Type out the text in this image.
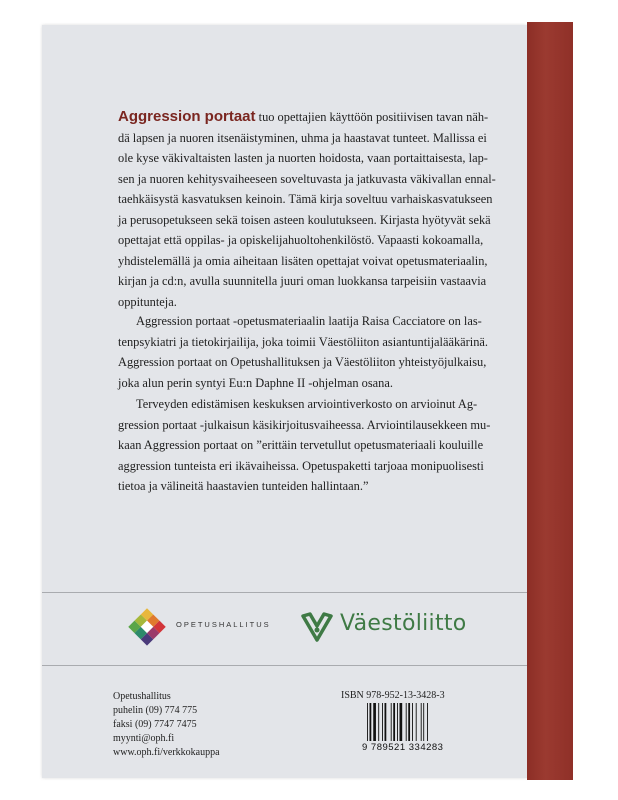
Aggression portaat tuo opettajien käyttöön positiivisen tavan näh-
dä lapsen ja nuoren itsenäistyminen, uhma ja haastavat tunteet. Mallissa ei
ole kyse väkivaltaisten lasten ja nuorten hoidosta, vaan portaittaisesta, lap-
sen ja nuoren kehitysvaiheeseen soveltuvasta ja jatkuvasta väkivallan ennal-
taehkäisystä kasvatuksen keinoin. Tämä kirja soveltuu varhaiskasvatukseen
ja perusopetukseen sekä toisen asteen koulutukseen. Kirjasta hyötyvät sekä
opettajat että oppilas- ja opiskelijahuoltohenkilöstö. Vapaasti kokoamalla,
yhdistelemällä ja omia aiheitaan lisäten opettajat voivat opetusmateriaalin,
kirjan ja cd:n, avulla suunnitella juuri oman luokkansa tarpeisiin vastaavia
oppitunteja.
Aggression portaat -opetusmateriaalin laatija Raisa Cacciatore on las-
tenpsykiatri ja tietokirjailija, joka toimii Väestöliiton asiantuntijalääkärinä.
Aggression portaat on Opetushallituksen ja Väestöliiton yhteistyöjulkaisu,
joka alun perin syntyi Eu:n Daphne II -ohjelman osana.
Terveyden edistämisen keskuksen arviointiverkosto on arvioinut Ag-
gression portaat -julkaisun käsikirjoitusvaiheessa. Arviointilausekkeen mu-
kaan Aggression portaat on ”erittäin tervetullut opetusmateriaali kouluille
aggression tunteista eri ikävaiheissa. Opetuspaketti tarjoaa monipuolisesti
tietoa ja välineitä haastavien tunteiden hallintaan.”
OPETUSHALLITUS	Väestöliitto
Opetushallitus
puhelin (09) 774 775
faksi (09) 7747 7475
myynti@oph.fi
www.oph.fi/verkkokauppa
ISBN 978-952-13-3428-3
9 789521 334283
